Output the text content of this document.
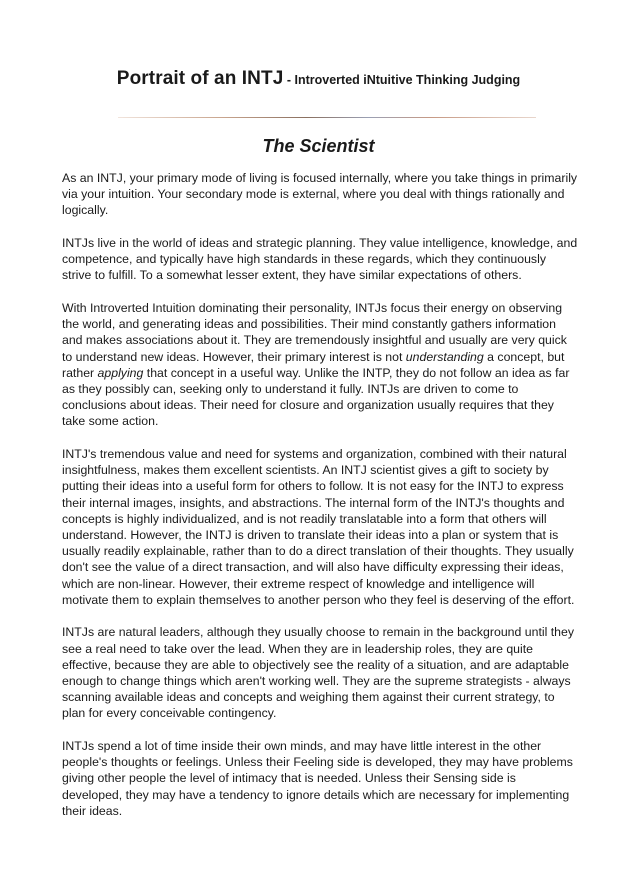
Portrait of an INTJ - Introverted iNtuitive Thinking Judging
The Scientist

As an INTJ, your primary mode of living is focused internally, where you take things in primarily via your intuition. Your secondary mode is external, where you deal with things rationally and logically.

INTJs live in the world of ideas and strategic planning. They value intelligence, knowledge, and competence, and typically have high standards in these regards, which they continuously strive to fulfill. To a somewhat lesser extent, they have similar expectations of others.

With Introverted Intuition dominating their personality, INTJs focus their energy on observing the world, and generating ideas and possibilities. Their mind constantly gathers information and makes associations about it. They are tremendously insightful and usually are very quick to understand new ideas. However, their primary interest is not understanding a concept, but rather applying that concept in a useful way. Unlike the INTP, they do not follow an idea as far as they possibly can, seeking only to understand it fully. INTJs are driven to come to conclusions about ideas. Their need for closure and organization usually requires that they take some action.

INTJ's tremendous value and need for systems and organization, combined with their natural insightfulness, makes them excellent scientists. An INTJ scientist gives a gift to society by putting their ideas into a useful form for others to follow. It is not easy for the INTJ to express their internal images, insights, and abstractions. The internal form of the INTJ's thoughts and concepts is highly individualized, and is not readily translatable into a form that others will understand. However, the INTJ is driven to translate their ideas into a plan or system that is usually readily explainable, rather than to do a direct translation of their thoughts. They usually don't see the value of a direct transaction, and will also have difficulty expressing their ideas, which are non-linear. However, their extreme respect of knowledge and intelligence will motivate them to explain themselves to another person who they feel is deserving of the effort.

INTJs are natural leaders, although they usually choose to remain in the background until they see a real need to take over the lead. When they are in leadership roles, they are quite effective, because they are able to objectively see the reality of a situation, and are adaptable enough to change things which aren't working well. They are the supreme strategists - always scanning available ideas and concepts and weighing them against their current strategy, to plan for every conceivable contingency.

INTJs spend a lot of time inside their own minds, and may have little interest in the other people's thoughts or feelings. Unless their Feeling side is developed, they may have problems giving other people the level of intimacy that is needed. Unless their Sensing side is developed, they may have a tendency to ignore details which are necessary for implementing their ideas.
